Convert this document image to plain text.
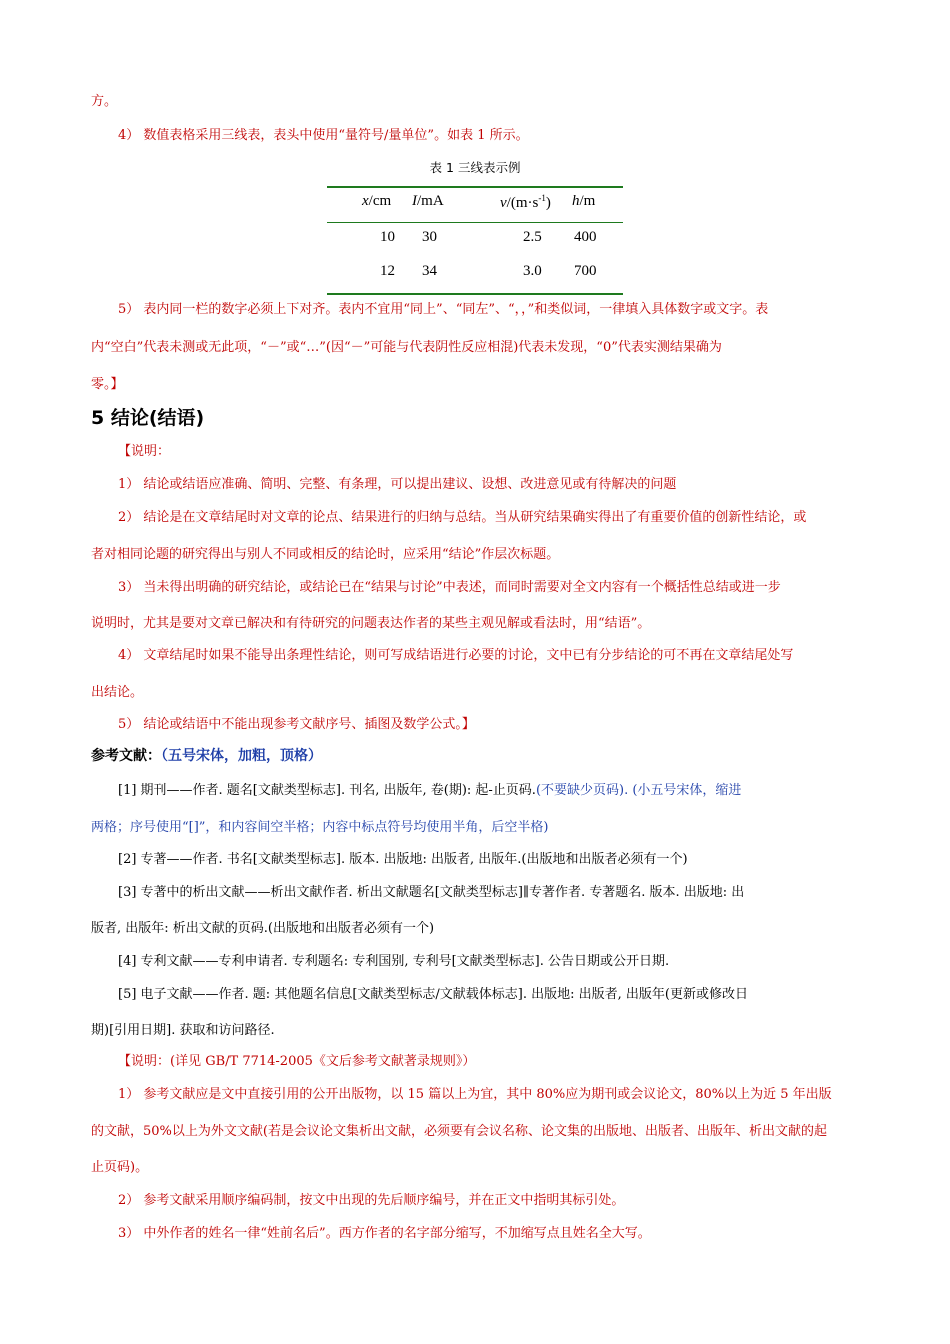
方。
4） 数值表格采用三线表，表头中使用“量符号/量单位”。如表 1 所示。
表 1 三线表示例
x/cm I/mA	$v/(m\cdot s^{-1})$ h/m
10 30	2.5 400
12 34	3.0 700
5） 表内同一栏的数字必须上下对齐。表内不宜用“同上”、“同左”、“，，”和类似词，一律填入具体数字或文字。表
内“空白”代表未测或无此项，“－”或“…”(因“－”可能与代表阴性反应相混)代表未发现，“0”代表实测结果确为
零。】
5 结论(结语)
【说明：
1） 结论或结语应准确、简明、完整、有条理，可以提出建议、设想、改进意见或有待解决的问题
2） 结论是在文章结尾时对文章的论点、结果进行的归纳与总结。当从研究结果确实得出了有重要价值的创新性结论，或
者对相同论题的研究得出与别人不同或相反的结论时，应采用“结论”作层次标题。
3） 当未得出明确的研究结论，或结论已在“结果与讨论”中表述，而同时需要对全文内容有一个概括性总结或进一步
说明时，尤其是要对文章已解决和有待研究的问题表达作者的某些主观见解或看法时，用“结语”。
4） 文章结尾时如果不能导出条理性结论，则可写成结语进行必要的讨论，文中已有分步结论的可不再在文章结尾处写
出结论。
5） 结论或结语中不能出现参考文献序号、插图及数学公式。】
参考文献：（五号宋体，加粗，顶格）
[1] 期刊——作者. 题名[文献类型标志]. 刊名, 出版年, 卷(期): 起-止页码.(不要缺少页码). (小五号宋体，缩进
两格；序号使用“[]”，和内容间空半格；内容中标点符号均使用半角，后空半格)
[2] 专著——作者. 书名[文献类型标志]. 版本. 出版地: 出版者, 出版年.(出版地和出版者必须有一个)
[3] 专著中的析出文献——析出文献作者. 析出文献题名[文献类型标志]∥专著作者. 专著题名. 版本. 出版地: 出
版者, 出版年: 析出文献的页码.(出版地和出版者必须有一个)
[4] 专利文献——专利申请者. 专利题名: 专利国别, 专利号[文献类型标志]. 公告日期或公开日期.
[5] 电子文献——作者. 题: 其他题名信息[文献类型标志/文献载体标志]. 出版地: 出版者, 出版年(更新或修改日
期)[引用日期]. 获取和访问路径.
【说明：(详见 GB/T 7714-2005《文后参考文献著录规则》）
1） 参考文献应是文中直接引用的公开出版物，以 15 篇以上为宜，其中 80%应为期刊或会议论文，80%以上为近 5 年出版
的文献，50%以上为外文文献(若是会议论文集析出文献，必须要有会议名称、论文集的出版地、出版者、出版年、析出文献的起
止页码)。
2） 参考文献采用顺序编码制，按文中出现的先后顺序编号，并在正文中指明其标引处。
3） 中外作者的姓名一律“姓前名后”。西方作者的名字部分缩写，不加缩写点且姓名全大写。
